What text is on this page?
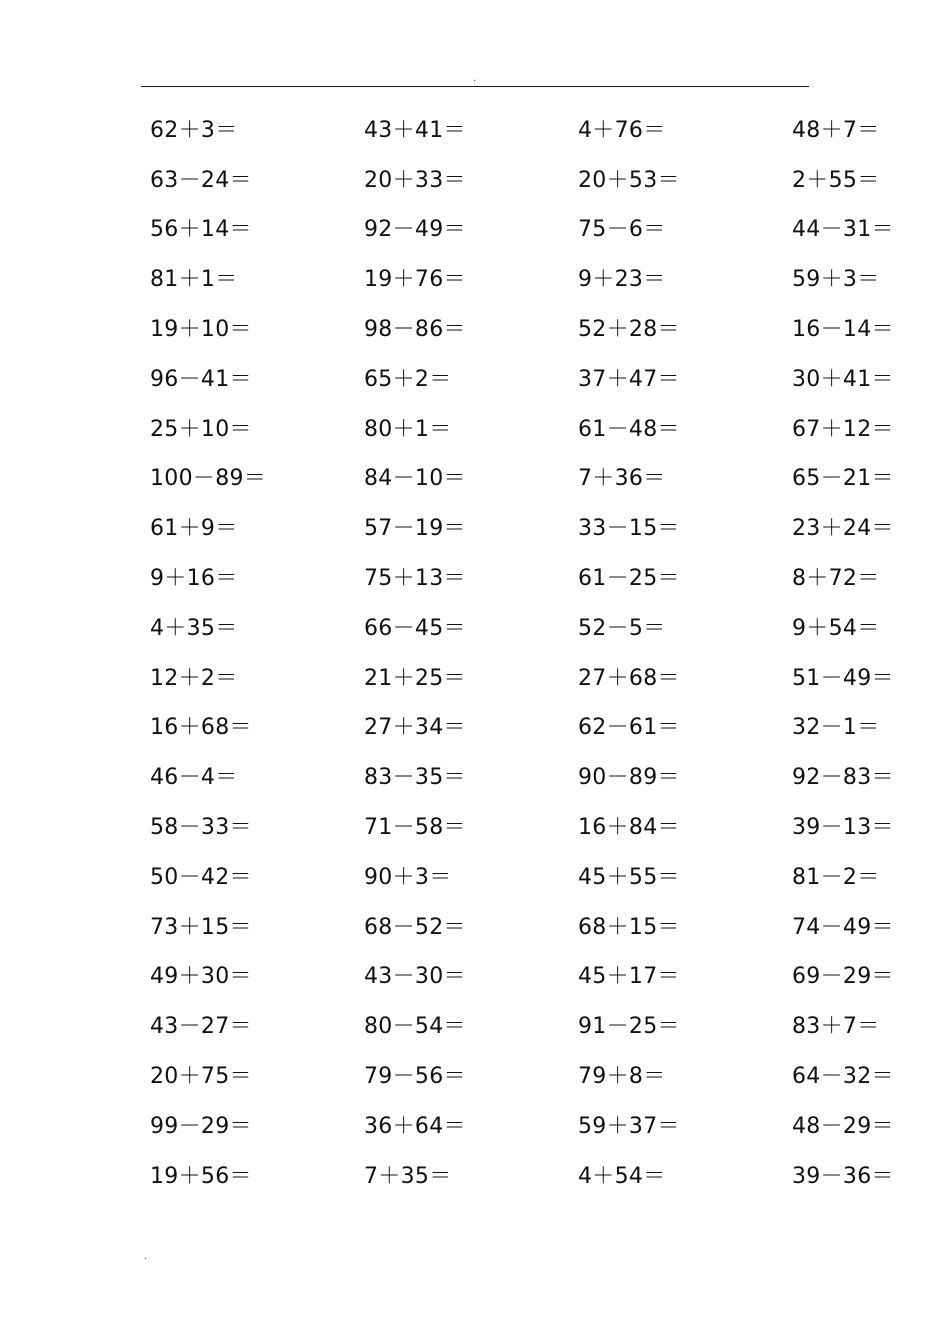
.
62＋3＝	43＋41＝	4＋76＝	48＋7＝
63－24＝	20＋33＝	20＋53＝	2＋55＝
56＋14＝	92－49＝	75－6＝	44－31＝
81＋1＝	19＋76＝	9＋23＝	59＋3＝
19＋10＝	98－86＝	52＋28＝	16－14＝
96－41＝	65＋2＝	37＋47＝	30＋41＝
25＋10＝	80＋1＝	61－48＝	67＋12＝
100－89＝	84－10＝	7＋36＝	65－21＝
61＋9＝	57－19＝	33－15＝	23＋24＝
9＋16＝	75＋13＝	61－25＝	8＋72＝
4＋35＝	66－45＝	52－5＝	9＋54＝
12＋2＝	21＋25＝	27＋68＝	51－49＝
16＋68＝	27＋34＝	62－61＝	32－1＝
46－4＝	83－35＝	90－89＝	92－83＝
58－33＝	71－58＝	16＋84＝	39－13＝
50－42＝	90＋3＝	45＋55＝	81－2＝
73＋15＝	68－52＝	68＋15＝	74－49＝
49＋30＝	43－30＝	45＋17＝	69－29＝
43－27＝	80－54＝	91－25＝	83＋7＝
20＋75＝	79－56＝	79＋8＝	64－32＝
99－29＝	36＋64＝	59＋37＝	48－29＝
19＋56＝	7＋35＝	4＋54＝	39－36＝
.
